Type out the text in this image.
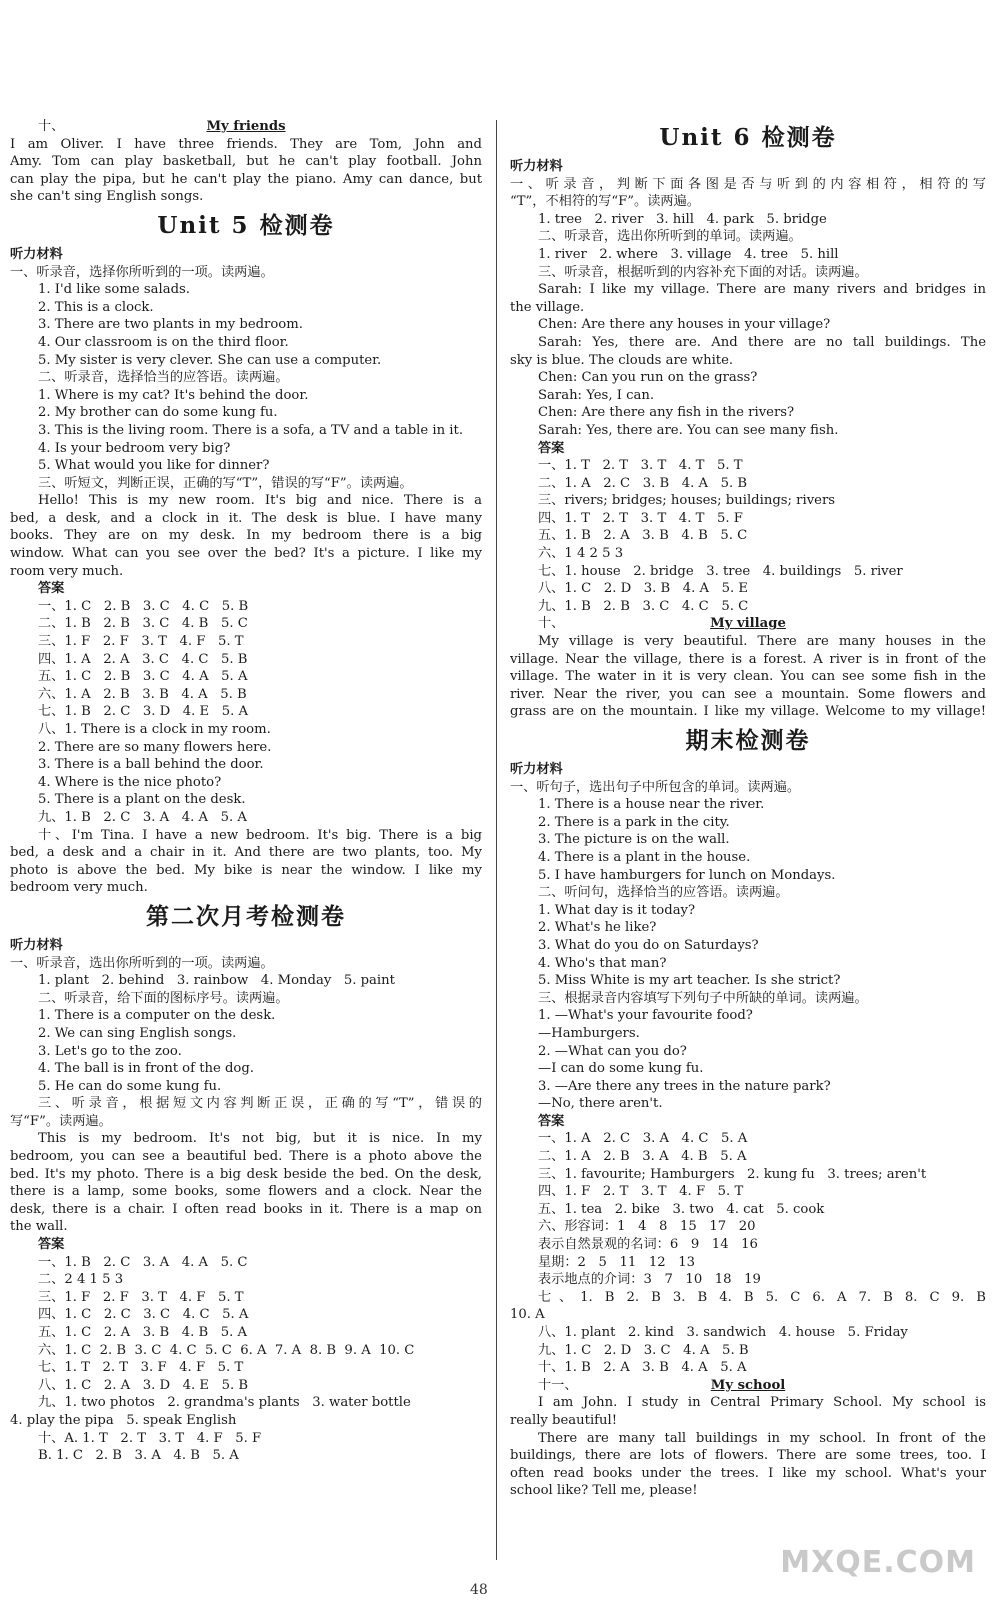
十、	My friends
I am Oliver. I have three friends. They are Tom, John and
Amy. Tom can play basketball, but he can't play football. John
can play the pipa, but he can't play the piano. Amy can dance, but
she can't sing English songs.
Unit 5 检测卷
听力材料
一、听录音，选择你所听到的一项。读两遍。
1. I'd like some salads.
2. This is a clock.
3. There are two plants in my bedroom.
4. Our classroom is on the third floor.
5. My sister is very clever. She can use a computer.
二、听录音，选择恰当的应答语。读两遍。
1. Where is my cat? It's behind the door.
2. My brother can do some kung fu.
3. This is the living room. There is a sofa, a TV and a table in it.
4. Is your bedroom very big?
5. What would you like for dinner?
三、听短文，判断正误，正确的写“T”，错误的写“F”。读两遍。
Hello! This is my new room. It's big and nice. There is a
bed, a desk, and a clock in it. The desk is blue. I have many
books. They are on my desk. In my bedroom there is a big
window. What can you see over the bed? It's a picture. I like my
room very much.
答案
一、1. C   2. B   3. C   4. C   5. B
二、1. B   2. B   3. C   4. B   5. C
三、1. F   2. F   3. T   4. F   5. T
四、1. A   2. A   3. C   4. C   5. B
五、1. C   2. B   3. C   4. A   5. A
六、1. A   2. B   3. B   4. A   5. B
七、1. B   2. C   3. D   4. E   5. A
八、1. There is a clock in my room.
2. There are so many flowers here.
3. There is a ball behind the door.
4. Where is the nice photo?
5. There is a plant on the desk.
九、1. B   2. C   3. A   4. A   5. A
十、I'm Tina. I have a new bedroom. It's big. There is a big
bed, a desk and a chair in it. And there are two plants, too. My
photo is above the bed. My bike is near the window. I like my
bedroom very much.
第二次月考检测卷
听力材料
一、听录音，选出你所听到的一项。读两遍。
1. plant   2. behind   3. rainbow   4. Monday   5. paint
二、听录音，给下面的图标序号。读两遍。
1. There is a computer on the desk.
2. We can sing English songs.
3. Let's go to the zoo.
4. The ball is in front of the dog.
5. He can do some kung fu.
三、听录音，根据短文内容判断正误，正确的写“T”，错误的
写“F”。读两遍。
This is my bedroom. It's not big, but it is nice. In my
bedroom, you can see a beautiful bed. There is a photo above the
bed. It's my photo. There is a big desk beside the bed. On the desk,
there is a lamp, some books, some flowers and a clock. Near the
desk, there is a chair. I often read books in it. There is a map on
the wall.
答案
一、1. B   2. C   3. A   4. A   5. C
二、2 4 1 5 3
三、1. F   2. F   3. T   4. F   5. T
四、1. C   2. C   3. C   4. C   5. A
五、1. C   2. A   3. B   4. B   5. A
六、1. C  2. B  3. C  4. C  5. C  6. A  7. A  8. B  9. A  10. C
七、1. T   2. T   3. F   4. F   5. T
八、1. C   2. A   3. D   4. E   5. B
九、1. two photos   2. grandma's plants   3. water bottle
4. play the pipa   5. speak English
十、A. 1. T   2. T   3. T   4. F   5. F
B. 1. C   2. B   3. A   4. B   5. A
Unit 6 检测卷
听力材料
一、听录音，判断下面各图是否与听到的内容相符，相符的写
“T”，不相符的写“F”。读两遍。
1. tree   2. river   3. hill   4. park   5. bridge
二、听录音，选出你所听到的单词。读两遍。
1. river   2. where   3. village   4. tree   5. hill
三、听录音，根据听到的内容补充下面的对话。读两遍。
Sarah: I like my village. There are many rivers and bridges in
the village.
Chen: Are there any houses in your village?
Sarah: Yes, there are. And there are no tall buildings. The
sky is blue. The clouds are white.
Chen: Can you run on the grass?
Sarah: Yes, I can.
Chen: Are there any fish in the rivers?
Sarah: Yes, there are. You can see many fish.
答案
一、1. T   2. T   3. T   4. T   5. T
二、1. A   2. C   3. B   4. A   5. B
三、rivers; bridges; houses; buildings; rivers
四、1. T   2. T   3. T   4. T   5. F
五、1. B   2. A   3. B   4. B   5. C
六、1 4 2 5 3
七、1. house   2. bridge   3. tree   4. buildings   5. river
八、1. C   2. D   3. B   4. A   5. E
九、1. B   2. B   3. C   4. C   5. C
十、	My village
My village is very beautiful. There are many houses in the
village. Near the village, there is a forest. A river is in front of the
village. The water in it is very clean. You can see some fish in the
river. Near the river, you can see a mountain. Some flowers and
grass are on the mountain. I like my village. Welcome to my village!
期末检测卷
听力材料
一、听句子，选出句子中所包含的单词。读两遍。
1. There is a house near the river.
2. There is a park in the city.
3. The picture is on the wall.
4. There is a plant in the house.
5. I have hamburgers for lunch on Mondays.
二、听问句，选择恰当的应答语。读两遍。
1. What day is it today?
2. What's he like?
3. What do you do on Saturdays?
4. Who's that man?
5. Miss White is my art teacher. Is she strict?
三、根据录音内容填写下列句子中所缺的单词。读两遍。
1. —What's your favourite food?
—Hamburgers.
2. —What can you do?
—I can do some kung fu.
3. —Are there any trees in the nature park?
—No, there aren't.
答案
一、1. A   2. C   3. A   4. C   5. A
二、1. A   2. B   3. A   4. B   5. A
三、1. favourite; Hamburgers   2. kung fu   3. trees; aren't
四、1. F   2. T   3. T   4. F   5. T
五、1. tea   2. bike   3. two   4. cat   5. cook
六、形容词：1   4   8   15   17   20
表示自然景观的名词：6   9   14   16
星期：2   5   11   12   13
表示地点的介词：3   7   10   18   19
七、1. B 2. B 3. B 4. B 5. C 6. A 7. B 8. C 9. B
10. A
八、1. plant   2. kind   3. sandwich   4. house   5. Friday
九、1. C   2. D   3. C   4. A   5. B
十、1. B   2. A   3. B   4. A   5. A
十一、	My school
I am John. I study in Central Primary School. My school is
really beautiful!
There are many tall buildings in my school. In front of the
buildings, there are lots of flowers. There are some trees, too. I
often read books under the trees. I like my school. What's your
school like? Tell me, please!
48
MXQE.COM
